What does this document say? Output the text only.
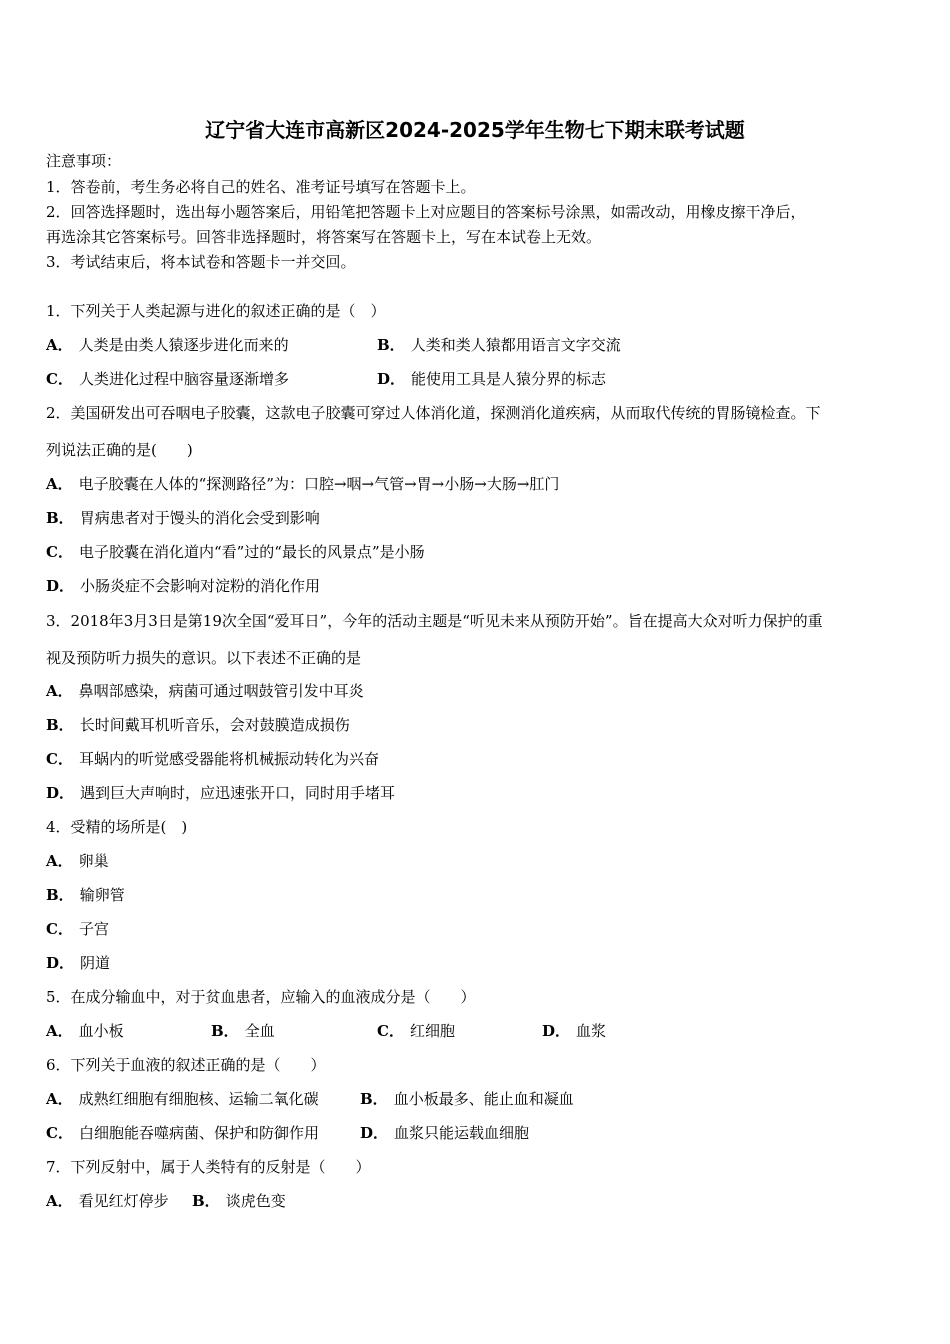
辽宁省大连市高新区2024-2025学年生物七下期末联考试题
注意事项：
1．答卷前，考生务必将自己的姓名、准考证号填写在答题卡上。
2．回答选择题时，选出每小题答案后，用铅笔把答题卡上对应题目的答案标号涂黑，如需改动，用橡皮擦干净后，
再选涂其它答案标号。回答非选择题时，将答案写在答题卡上，写在本试卷上无效。
3．考试结束后，将本试卷和答题卡一并交回。
1．下列关于人类起源与进化的叙述正确的是（　）
A． 人类是由类人猿逐步进化而来的	B． 人类和类人猿都用语言文字交流
C． 人类进化过程中脑容量逐渐增多	D． 能使用工具是人猿分界的标志
2．美国研发出可吞咽电子胶囊，这款电子胶囊可穿过人体消化道，探测消化道疾病，从而取代传统的胃肠镜检查。下
列说法正确的是(　　)
A． 电子胶囊在人体的“探测路径”为：口腔→咽→气管→胃→小肠→大肠→肛门
B． 胃病患者对于馒头的消化会受到影响
C． 电子胶囊在消化道内“看”过的“最长的风景点”是小肠
D． 小肠炎症不会影响对淀粉的消化作用
3．2018年3月3日是第19次全国“爱耳日”，今年的活动主题是“听见未来从预防开始”。旨在提高大众对听力保护的重
视及预防听力损失的意识。以下表述不正确的是
A． 鼻咽部感染，病菌可通过咽鼓管引发中耳炎
B． 长时间戴耳机听音乐，会对鼓膜造成损伤
C． 耳蜗内的听觉感受器能将机械振动转化为兴奋
D． 遇到巨大声响时，应迅速张开口，同时用手堵耳
4．受精的场所是(　)
A． 卵巢
B． 输卵管
C． 子宫
D． 阴道
5．在成分输血中，对于贫血患者，应输入的血液成分是（　　）
A． 血小板	B． 全血	C． 红细胞	D． 血浆
6．下列关于血液的叙述正确的是（　　）
A． 成熟红细胞有细胞核、运输二氧化碳	B． 血小板最多、能止血和凝血
C． 白细胞能吞噬病菌、保护和防御作用	D． 血浆只能运载血细胞
7．下列反射中，属于人类特有的反射是（　　）
A． 看见红灯停步 B． 谈虎色变
